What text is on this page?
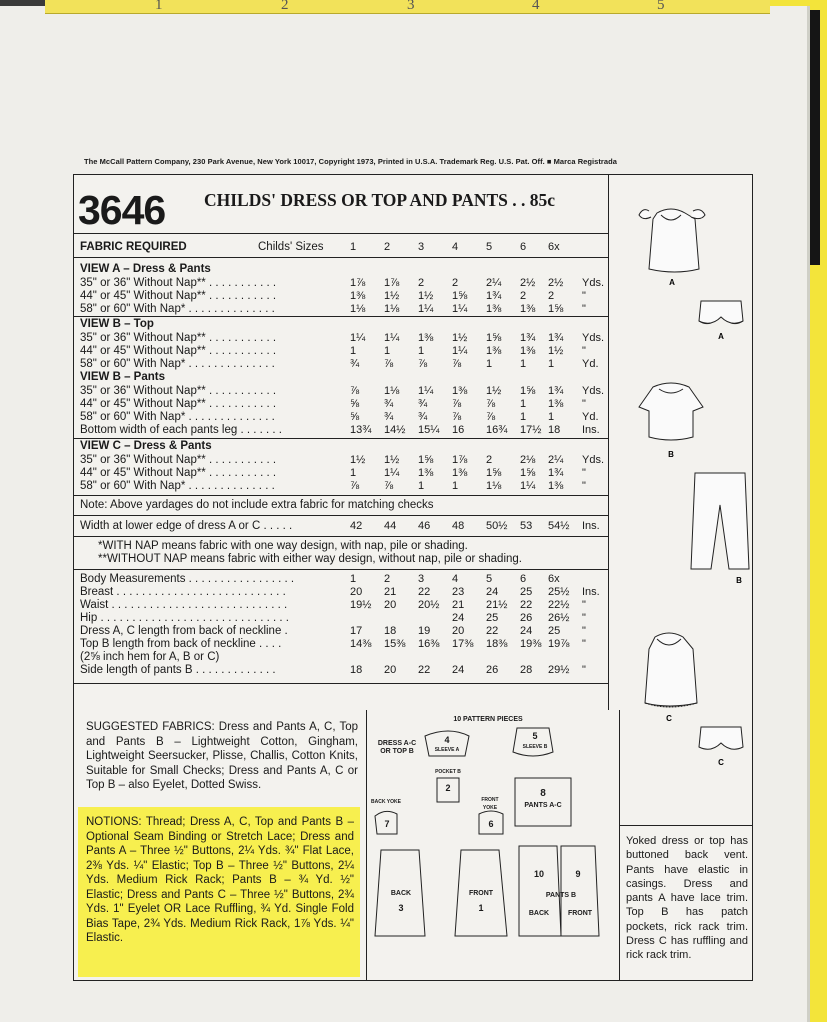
1	2	3	4	5
The McCall Pattern Company, 230 Park Avenue, New York 10017, Copyright 1973, Printed in U.S.A. Trademark Reg. U.S. Pat. Off. ■ Marca Registrada
3646 CHILDS' DRESS OR TOP AND PANTS . . 85c
FABRIC REQUIRED	Childs' Sizes 1	2	3	4	5	6 6x
VIEW A – Dress & Pants
35" or 36" Without Nap** . . . . . . . . . . .	1⅞ 1⅞ 2	2	2¼ 2½ 2½ Yds.
44" or 45" Without Nap** . . . . . . . . . . .	1⅜ 1½ 1½ 1⅝ 1¾ 2 2	"
58" or 60" With Nap* . . . . . . . . . . . . . .	1⅛ 1⅛ 1¼ 1¼ 1⅜ 1⅜ 1⅝ "
VIEW B – Top
35" or 36" Without Nap** . . . . . . . . . . .	1¼ 1¼ 1⅜ 1½ 1⅝ 1¾ 1¾ Yds.
44" or 45" Without Nap** . . . . . . . . . . .	1	1	1	1¼ 1⅜ 1⅜ 1½ "
58" or 60" With Nap* . . . . . . . . . . . . . .	¾ ⅞ ⅞ ⅞ 1	1 1	Yd.
VIEW B – Pants
35" or 36" Without Nap** . . . . . . . . . . .	⅞ 1⅛ 1¼ 1⅜ 1½ 1⅝ 1¾ Yds.
44" or 45" Without Nap** . . . . . . . . . . .	⅝ ¾ ¾ ⅞ ⅞ 1 1⅜ "
58" or 60" With Nap* . . . . . . . . . . . . . .	⅝ ¾ ¾ ⅞ ⅞ 1 1	Yd.
Bottom width of each pants leg . . . . . . .	13¾ 14½ 15¼ 16 16¾ 17½ 18 Ins.
VIEW C – Dress & Pants
35" or 36" Without Nap** . . . . . . . . . . .	1½ 1½ 1⅝ 1⅞ 2	2⅛ 2¼ Yds.
44" or 45" Without Nap** . . . . . . . . . . .	1	1¼ 1⅜ 1⅜ 1⅝ 1⅝ 1¾ "
58" or 60" With Nap* . . . . . . . . . . . . . .	⅞ ⅞ 1	1	1⅛ 1¼ 1⅜ "
Note: Above yardages do not include extra fabric for matching checks
Width at lower edge of dress A or C . . . . .	42 44 46 48 50½ 53 54½ Ins.
*WITH NAP means fabric with one way design, with nap, pile or shading.
**WITHOUT NAP means fabric with either way design, without nap, pile or shading.
Body Measurements . . . . . . . . . . . . . . . . .	1	2	3	4	5	6 6x
Breast . . . . . . . . . . . . . . . . . . . . . . . . . . .	20 21 22 23 24 25 25½ Ins.
Waist . . . . . . . . . . . . . . . . . . . . . . . . . . . .	19½ 20 20½ 21 21½ 22 22½ "
Hip . . . . . . . . . . . . . . . . . . . . . . . . . . . . . .	24 25 26 26½ "
Dress A, C length from back of neckline .	17 18 19 20 22 24 25 "
Top B length from back of neckline . . . .	14⅜ 15⅜ 16⅜ 17⅜ 18⅜ 19⅜ 19⅞ "
(2⅝ inch hem for A, B or C)
Side length of pants B . . . . . . . . . . . . .	18 20 22 24 26 28 29½ "
A
A
B
B
C
C
SUGGESTED FABRICS: Dress and Pants A, C, Top and Pants B – Lightweight Cotton, Gingham, Lightweight Seersucker, Plisse, Challis, Cotton Knits, Suitable for Small Checks; Dress and Pants A, C or Top B – also Eyelet, Dotted Swiss.
NOTIONS: Thread; Dress A, C, Top and Pants B – Optional Seam Binding or Stretch Lace; Dress and Pants A – Three ½" Buttons, 2¼ Yds. ¾" Flat Lace, 2⅜ Yds. ¼" Elastic; Top B – Three ½" Buttons, 2¼ Yds. Medium Rick Rack; Pants B – ¾ Yd. ½" Elastic; Dress and Pants C – Three ½" Buttons, 2¾ Yds. 1" Eyelet OR Lace Ruffling, ¾ Yd. Single Fold Bias Tape, 2¾ Yds. Medium Rick Rack, 1⅞ Yds. ¼" Elastic.
10 PATTERN PIECES
DRESS A-C OR TOP B
4
SLEEVE A
5
SLEEVE B
POCKET B
2	8
PANTS A-C
BACK YOKE
7
FRONT YOKE
6
BACK
3
FRONT
1
10	9
PANTS B
BACK	FRONT
Yoked dress or top has buttoned back vent. Pants have elastic in casings. Dress and pants A have lace trim. Top B has patch pockets, rick rack trim. Dress C has ruffling and rick rack trim.
